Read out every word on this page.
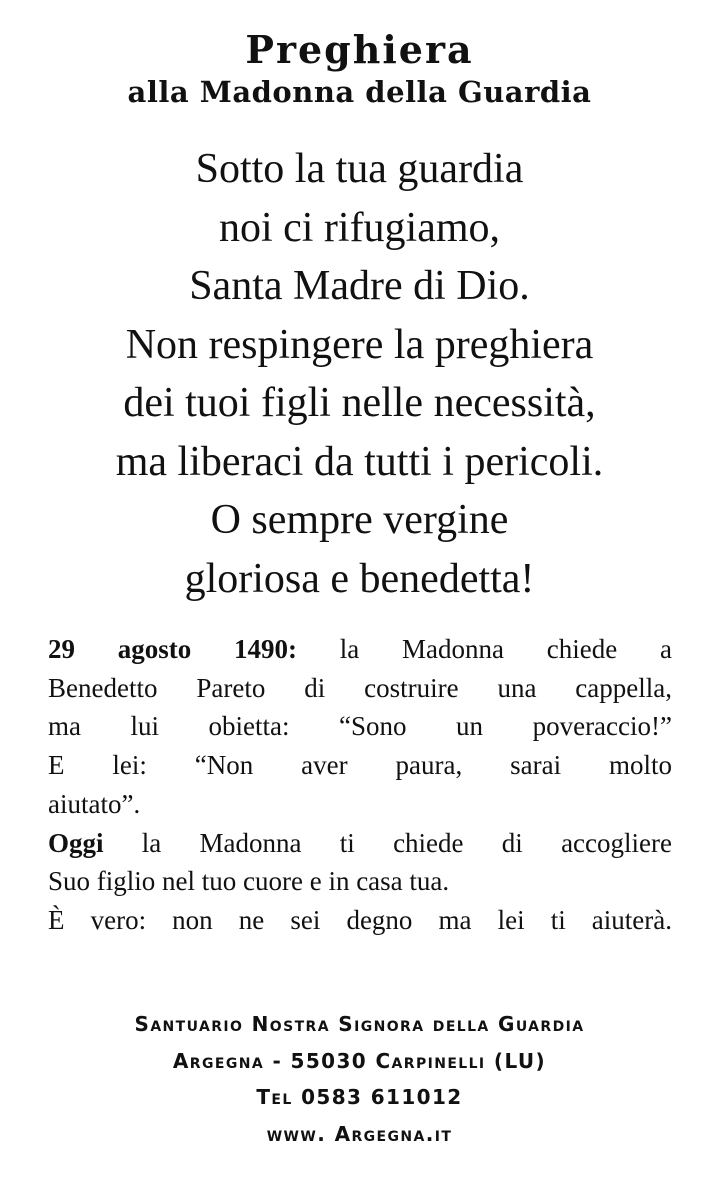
Preghiera
alla Madonna della Guardia
Sotto la tua guardia
noi ci rifugiamo,
Santa Madre di Dio.
Non respingere la preghiera
dei tuoi figli nelle necessità,
ma liberaci da tutti i pericoli.
O sempre vergine
gloriosa e benedetta!
29 agosto 1490: la Madonna chiede a
Benedetto Pareto di costruire una cappella,
ma lui obietta: “Sono un poveraccio!”
E lei: “Non aver paura, sarai molto
aiutato”.
Oggi la Madonna ti chiede di accogliere
Suo figlio nel tuo cuore e in casa tua.
È vero: non ne sei degno ma lei ti aiuterà.
Santuario Nostra Signora della Guardia
Argegna - 55030 Carpinelli (LU)
Tel 0583 611012
www. Argegna.it
